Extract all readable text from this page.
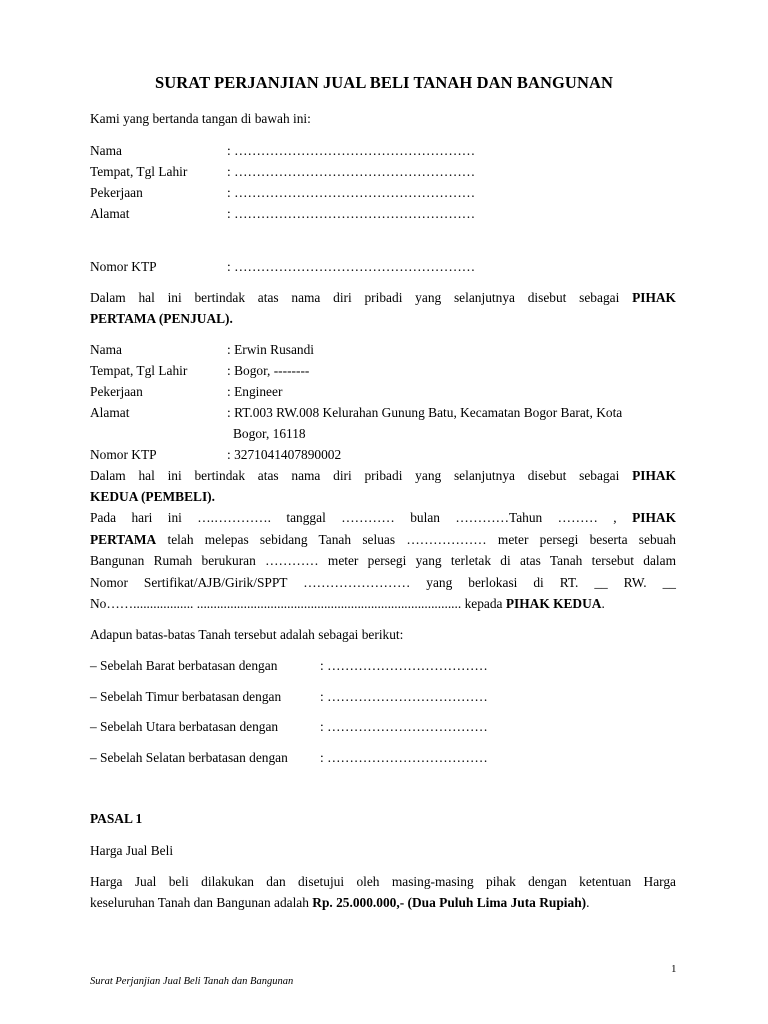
SURAT PERJANJIAN JUAL BELI TANAH DAN BANGUNAN
Kami yang bertanda tangan di bawah ini:
Nama	: ………………………………………………
Tempat, Tgl Lahir	: ………………………………………………
Pekerjaan	: ………………………………………………
Alamat	: ………………………………………………
Nomor KTP	: ………………………………………………
Dalam hal ini bertindak atas nama diri pribadi yang selanjutnya disebut sebagai PIHAK
PERTAMA (PENJUAL).
Nama	: Erwin Rusandi
Tempat, Tgl Lahir	: Bogor, --------
Pekerjaan	: Engineer
Alamat	: RT.003 RW.008 Kelurahan Gunung Batu, Kecamatan Bogor Barat, Kota
Bogor, 16118
Nomor KTP	: 3271041407890002
Dalam hal ini bertindak atas nama diri pribadi yang selanjutnya disebut sebagai PIHAK
KEDUA (PEMBELI).
Pada hari ini ….…………. tanggal ………… bulan …………Tahun ……… , PIHAK
PERTAMA telah melepas sebidang Tanah seluas ……………… meter persegi beserta sebuah
Bangunan Rumah berukuran ………… meter persegi yang terletak di atas Tanah tersebut dalam
Nomor Sertifikat/AJB/Girik/SPPT …………………… yang berlokasi di RT. __ RW. __
No…….................. ............................................................................... kepada PIHAK KEDUA.
Adapun batas-batas Tanah tersebut adalah sebagai berikut:
– Sebelah Barat berbatasan dengan	: ………………………………
– Sebelah Timur berbatasan dengan	: ………………………………
– Sebelah Utara berbatasan dengan	: ………………………………
– Sebelah Selatan berbatasan dengan : ………………………………
PASAL 1
Harga Jual Beli
Harga Jual beli dilakukan dan disetujui oleh masing-masing pihak dengan ketentuan Harga
keseluruhan Tanah dan Bangunan adalah Rp. 25.000.000,- (Dua Puluh Lima Juta Rupiah).
1
Surat Perjanjian Jual Beli Tanah dan Bangunan
